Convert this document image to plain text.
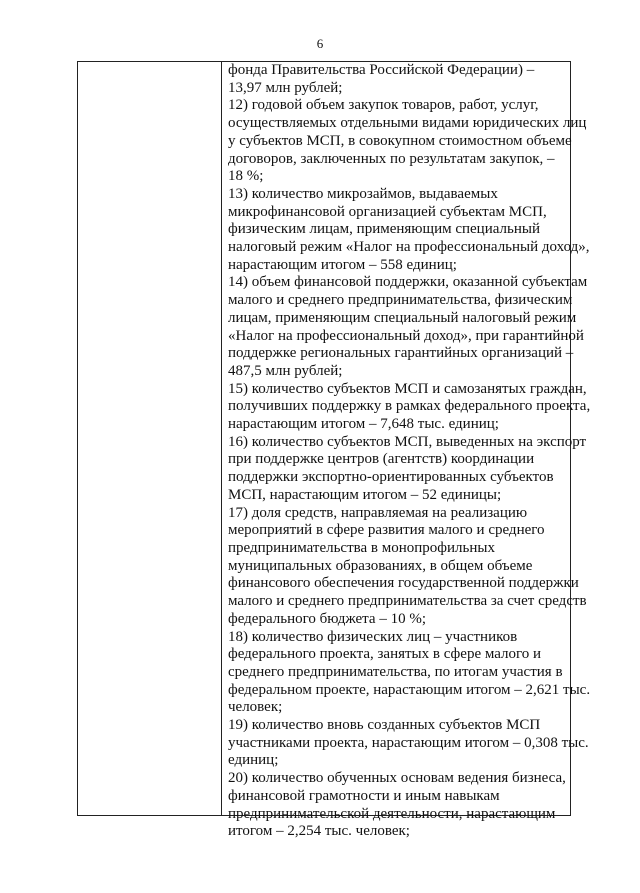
6
фонда Правительства Российской Федерации) –
13,97 млн рублей;
12) годовой объем закупок товаров, работ, услуг,
осуществляемых отдельными видами юридических лиц
у субъектов МСП, в совокупном стоимостном объеме
договоров, заключенных по результатам закупок, –
18 %;
13) количество микрозаймов, выдаваемых
микрофинансовой организацией субъектам МСП,
физическим лицам, применяющим специальный
налоговый режим «Налог на профессиональный доход»,
нарастающим итогом – 558 единиц;
14) объем финансовой поддержки, оказанной субъектам
малого и среднего предпринимательства, физическим
лицам, применяющим специальный налоговый режим
«Налог на профессиональный доход», при гарантийной
поддержке региональных гарантийных организаций –
487,5 млн рублей;
15) количество субъектов МСП и самозанятых граждан,
получивших поддержку в рамках федерального проекта,
нарастающим итогом – 7,648 тыс. единиц;
16) количество субъектов МСП, выведенных на экспорт
при поддержке центров (агентств) координации
поддержки экспортно-ориентированных субъектов
МСП, нарастающим итогом – 52 единицы;
17) доля средств, направляемая на реализацию
мероприятий в сфере развития малого и среднего
предпринимательства в монопрофильных
муниципальных образованиях, в общем объеме
финансового обеспечения государственной поддержки
малого и среднего предпринимательства за счет средств
федерального бюджета – 10 %;
18) количество физических лиц – участников
федерального проекта, занятых в сфере малого и
среднего предпринимательства, по итогам участия в
федеральном проекте, нарастающим итогом – 2,621 тыс.
человек;
19) количество вновь созданных субъектов МСП
участниками проекта, нарастающим итогом – 0,308 тыс.
единиц;
20) количество обученных основам ведения бизнеса,
финансовой грамотности и иным навыкам
предпринимательской деятельности, нарастающим
итогом – 2,254 тыс. человек;
